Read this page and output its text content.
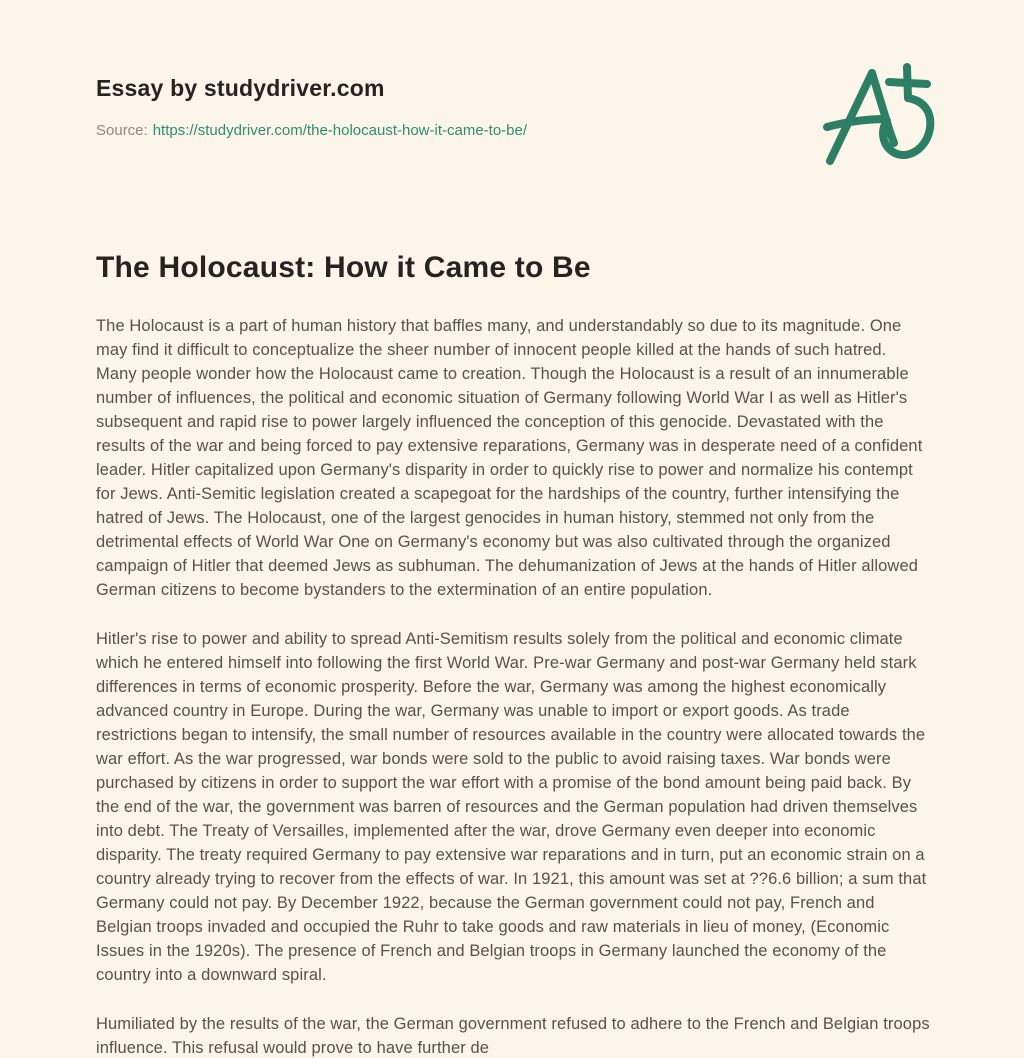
Essay by studydriver.com
Source: https://studydriver.com/the-holocaust-how-it-came-to-be/
The Holocaust: How it Came to Be

The Holocaust is a part of human history that baffles many, and understandably so due to its magnitude. One may find it difficult to conceptualize the sheer number of innocent people killed at the hands of such hatred. Many people wonder how the Holocaust came to creation. Though the Holocaust is a result of an innumerable number of influences, the political and economic situation of Germany following World War I as well as Hitler's subsequent and rapid rise to power largely influenced the conception of this genocide. Devastated with the results of the war and being forced to pay extensive reparations, Germany was in desperate need of a confident leader. Hitler capitalized upon Germany's disparity in order to quickly rise to power and normalize his contempt for Jews. Anti-Semitic legislation created a scapegoat for the hardships of the country, further intensifying the hatred of Jews. The Holocaust, one of the largest genocides in human history, stemmed not only from the detrimental effects of World War One on Germany's economy but was also cultivated through the organized campaign of Hitler that deemed Jews as subhuman. The dehumanization of Jews at the hands of Hitler allowed German citizens to become bystanders to the extermination of an entire population.

Hitler's rise to power and ability to spread Anti-Semitism results solely from the political and economic climate which he entered himself into following the first World War. Pre-war Germany and post-war Germany held stark differences in terms of economic prosperity. Before the war, Germany was among the highest economically advanced country in Europe. During the war, Germany was unable to import or export goods. As trade restrictions began to intensify, the small number of resources available in the country were allocated towards the war effort. As the war progressed, war bonds were sold to the public to avoid raising taxes. War bonds were purchased by citizens in order to support the war effort with a promise of the bond amount being paid back. By the end of the war, the government was barren of resources and the German population had driven themselves into debt. The Treaty of Versailles, implemented after the war, drove Germany even deeper into economic disparity. The treaty required Germany to pay extensive war reparations and in turn, put an economic strain on a country already trying to recover from the effects of war. In 1921, this amount was set at ??6.6 billion; a sum that Germany could not pay. By December 1922, because the German government could not pay, French and Belgian troops invaded and occupied the Ruhr to take goods and raw materials in lieu of money, (Economic Issues in the 1920s). The presence of French and Belgian troops in Germany launched the economy of the country into a downward spiral.

Humiliated by the results of the war, the German government refused to adhere to the French and Belgian troops influence. This refusal would prove to have further de
